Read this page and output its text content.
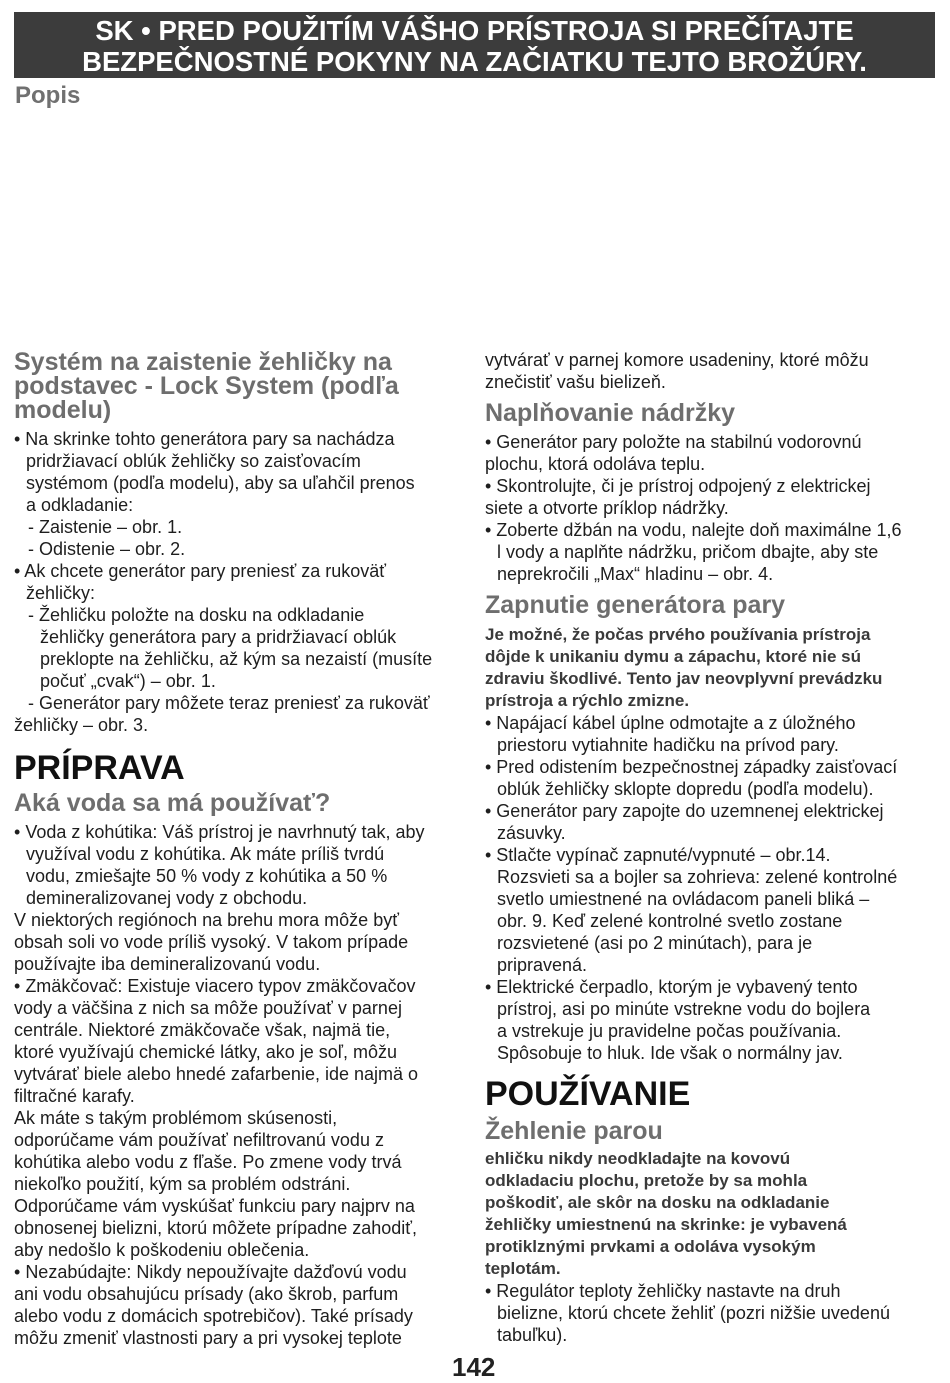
SK • PRED POUŽITÍM VÁŠHO PRÍSTROJA SI PREČÍTAJTE
BEZPEČNOSTNÉ POKYNY NA ZAČIATKU TEJTO BROŽÚRY.
Popis
Systém na zaistenie žehličky na
podstavec - Lock System (podľa
modelu)
• Na skrinke tohto generátora pary sa nachádza
pridržiavací oblúk žehličky so zaisťovacím
systémom (podľa modelu), aby sa uľahčil prenos
a odkladanie:
- Zaistenie – obr. 1.
- Odistenie – obr. 2.
• Ak chcete generátor pary preniesť za rukoväť
žehličky:
- Žehličku položte na dosku na odkladanie
žehličky generátora pary a pridržiavací oblúk
preklopte na žehličku, až kým sa nezaistí (musíte
počuť „cvak“) – obr. 1.
- Generátor pary môžete teraz preniesť za rukoväť
žehličky – obr. 3.
PRÍPRAVA
Aká voda sa má používať?
• Voda z kohútika: Váš prístroj je navrhnutý tak, aby
využíval vodu z kohútika. Ak máte príliš tvrdú
vodu, zmiešajte 50 % vody z kohútika a 50 %
demineralizovanej vody z obchodu.
V niektorých regiónoch na brehu mora môže byť
obsah soli vo vode príliš vysoký. V takom prípade
používajte iba demineralizovanú vodu.
• Zmäkčovač: Existuje viacero typov zmäkčovačov
vody a väčšina z nich sa môže používať v parnej
centrále. Niektoré zmäkčovače však, najmä tie,
ktoré využívajú chemické látky, ako je soľ, môžu
vytvárať biele alebo hnedé zafarbenie, ide najmä o
filtračné karafy.
Ak máte s takým problémom skúsenosti,
odporúčame vám používať nefiltrovanú vodu z
kohútika alebo vodu z fľaše. Po zmene vody trvá
niekoľko použití, kým sa problém odstráni.
Odporúčame vám vyskúšať funkciu pary najprv na
obnosenej bielizni, ktorú môžete prípadne zahodiť,
aby nedošlo k poškodeniu oblečenia.
• Nezabúdajte: Nikdy nepoužívajte dažďovú vodu
ani vodu obsahujúcu prísady (ako škrob, parfum
alebo vodu z domácich spotrebičov). Také prísady
môžu zmeniť vlastnosti pary a pri vysokej teplote
vytvárať v parnej komore usadeniny, ktoré môžu
znečistiť vašu bielizeň.
Naplňovanie nádržky
• Generátor pary položte na stabilnú vodorovnú
plochu, ktorá odoláva teplu.
• Skontrolujte, či je prístroj odpojený z elektrickej
siete a otvorte príklop nádržky.
• Zoberte džbán na vodu, nalejte doň maximálne 1,6
l vody a naplňte nádržku, pričom dbajte, aby ste
neprekročili „Max“ hladinu – obr. 4.
Zapnutie generátora pary
Je možné, že počas prvého používania prístroja
dôjde k unikaniu dymu a zápachu, ktoré nie sú
zdraviu škodlivé. Tento jav neovplyvní prevádzku
prístroja a rýchlo zmizne.
• Napájací kábel úplne odmotajte a z úložného
priestoru vytiahnite hadičku na prívod pary.
• Pred odistením bezpečnostnej západky zaisťovací
oblúk žehličky sklopte dopredu (podľa modelu).
• Generátor pary zapojte do uzemnenej elektrickej
zásuvky.
• Stlačte vypínač zapnuté/vypnuté – obr.14.
Rozsvieti sa a bojler sa zohrieva: zelené kontrolné
svetlo umiestnené na ovládacom paneli bliká –
obr. 9. Keď zelené kontrolné svetlo zostane
rozsvietené (asi po 2 minútach), para je
pripravená.
• Elektrické čerpadlo, ktorým je vybavený tento
prístroj, asi po minúte vstrekne vodu do bojlera
a vstrekuje ju pravidelne počas používania.
Spôsobuje to hluk. Ide však o normálny jav.
POUŽÍVANIE
Žehlenie parou
ehličku nikdy neodkladajte na kovovú
odkladaciu plochu, pretože by sa mohla
poškodiť, ale skôr na dosku na odkladanie
žehličky umiestnenú na skrinke: je vybavená
protiklznými prvkami a odoláva vysokým
teplotám.
• Regulátor teploty žehličky nastavte na druh
bielizne, ktorú chcete žehliť (pozri nižšie uvedenú
tabuľku).
142
